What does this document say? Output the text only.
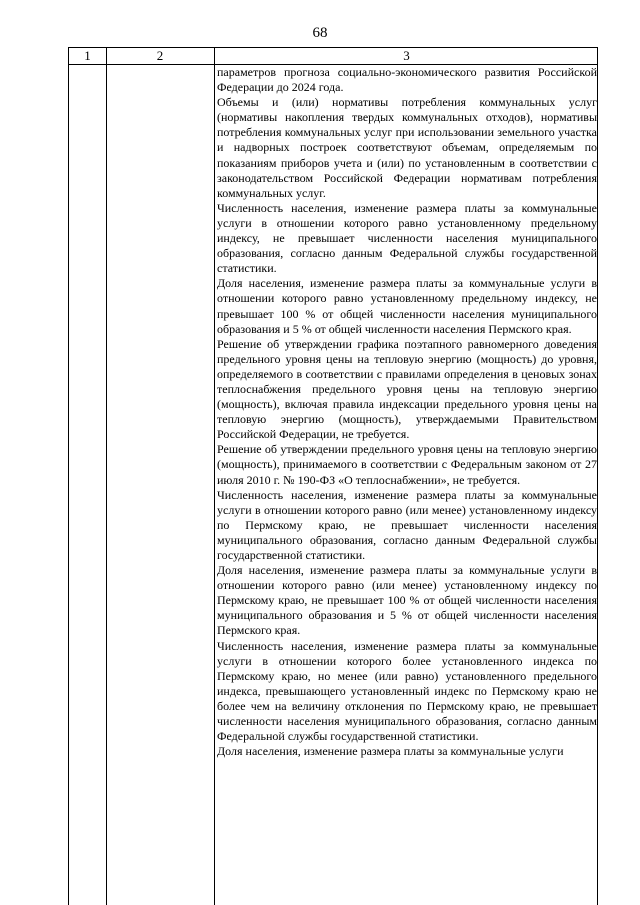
68
1	2	3

параметров прогноза социально-экономического развития Российской Федерации до 2024 года.

Объемы и (или) нормативы потребления коммунальных услуг (нормативы накопления твердых коммунальных отходов), нормативы потребления коммунальных услуг при использовании земельного участка и надворных построек соответствуют объемам, определяемым по показаниям приборов учета и (или) по установленным в соответствии с законодательством Российской Федерации нормативам потребления коммунальных услуг.

Численность населения, изменение размера платы за коммунальные услуги в отношении которого равно установленному предельному индексу, не превышает численности населения муниципального образования, согласно данным Федеральной службы государственной статистики.

Доля населения, изменение размера платы за коммунальные услуги в отношении которого равно установленному предельному индексу, не превышает 100 % от общей численности населения муниципального образования и 5 % от общей численности населения Пермского края.

Решение об утверждении графика поэтапного равномерного доведения предельного уровня цены на тепловую энергию (мощность) до уровня, определяемого в соответствии с правилами определения в ценовых зонах теплоснабжения предельного уровня цены на тепловую энергию (мощность), включая правила индексации предельного уровня цены на тепловую энергию (мощность), утверждаемыми Правительством Российской Федерации, не требуется.

Решение об утверждении предельного уровня цены на тепловую энергию (мощность), принимаемого в соответствии с Федеральным законом от 27 июля 2010 г. № 190-ФЗ «О теплоснабжении», не требуется.

Численность населения, изменение размера платы за коммунальные услуги в отношении которого равно (или менее) установленному индексу по Пермскому краю, не превышает численности населения муниципального образования, согласно данным Федеральной службы государственной статистики.

Доля населения, изменение размера платы за коммунальные услуги в отношении которого равно (или менее) установленному индексу по Пермскому краю, не превышает 100 % от общей численности населения муниципального образования и 5 % от общей численности населения Пермского края.

Численность населения, изменение размера платы за коммунальные услуги в отношении которого более установленного индекса по Пермскому краю, но менее (или равно) установленного предельного индекса, превышающего установленный индекс по Пермскому краю не более чем на величину отклонения по Пермскому краю, не превышает численности населения муниципального образования, согласно данным Федеральной службы государственной статистики.

Доля населения, изменение размера платы за коммунальные услуги
